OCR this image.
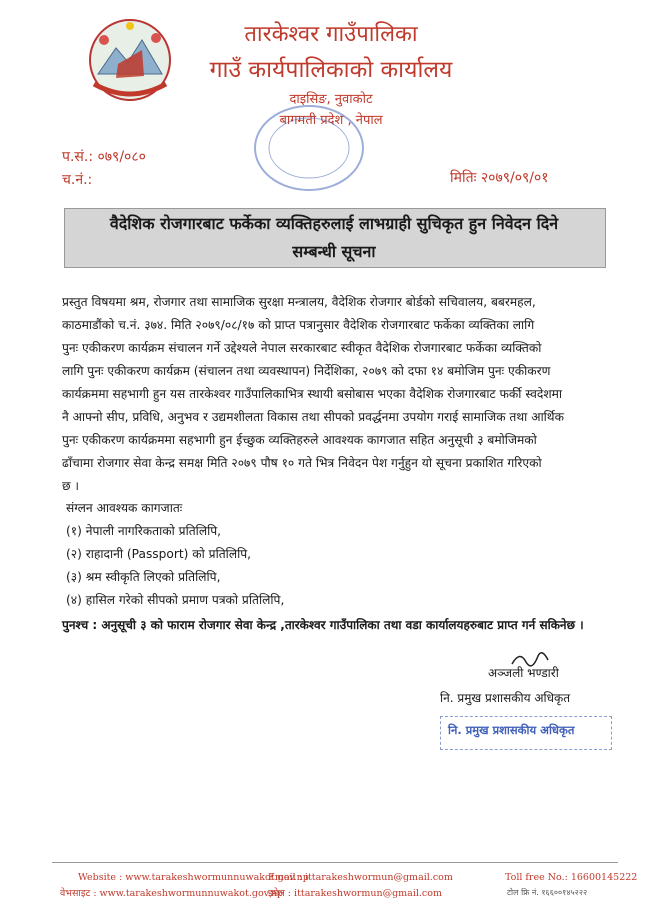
तारकेश्वर गाउँपालिका
गाउँ कार्यपालिकाको कार्यालय
दाइसिङ, नुवाकोट
बागमती प्रदेश , नेपाल
प.सं.: ०७९/०८०
च.नं.:	मितिः २०७९/०९/०१
वैदेशिक रोजगारबाट फर्केका व्यक्तिहरुलाई लाभग्राही सुचिकृत हुन निवेदन दिने
सम्बन्धी सूचना
प्रस्तुत विषयमा श्रम, रोजगार तथा सामाजिक सुरक्षा मन्त्रालय, वैदेशिक रोजगार बोर्डको सचिवालय, बबरमहल,
काठमाडौंको च.नं. ३७४. मिति २०७९/०८/१७ को प्राप्त पत्रानुसार वैदेशिक रोजगारबाट फर्केका व्यक्तिका लागि
पुनः एकीकरण कार्यक्रम संचालन गर्ने उद्देश्यले नेपाल सरकारबाट स्वीकृत वैदेशिक रोजगारबाट फर्केका व्यक्तिको
लागि पुनः एकीकरण कार्यक्रम (संचालन तथा व्यवस्थापन) निर्देशिका, २०७९ को दफा १४ बमोजिम पुनः एकीकरण
कार्यक्रममा सहभागी हुन यस तारकेश्वर गाउँपालिकाभित्र स्थायी बसोबास भएका वैदेशिक रोजगारबाट फर्की स्वदेशमा
नै आफ्नो सीप, प्रविधि, अनुभव र उद्यमशीलता विकास तथा सीपको प्रवर्द्धनमा उपयोग गराई सामाजिक तथा आर्थिक
पुनः एकीकरण कार्यक्रममा सहभागी हुन ईच्छुक व्यक्तिहरुले आवश्यक कागजात सहित अनुसूची ३ बमोजिमको
ढाँचामा रोजगार सेवा केन्द्र समक्ष मिति २०७९ पौष १० गते भित्र निवेदन पेश गर्नुहुन यो सूचना प्रकाशित गरिएको
छ ।
संग्लन आवश्यक कागजातः
(१) नेपाली नागरिकताको प्रतिलिपि,
(२) राहादानी (Passport) को प्रतिलिपि,
(३) श्रम स्वीकृति लिएको प्रतिलिपि,
(४) हासिल गरेको सीपको प्रमाण पत्रको प्रतिलिपि,
पुनश्च : अनुसूची ३ को फाराम रोजगार सेवा केन्द्र ,तारकेश्वर गाउँपालिका तथा वडा कार्यालयहरुबाट प्राप्त गर्न सकिनेछ ।
अञ्जली भण्डारी
नि. प्रमुख प्रशासकीय अधिकृत
नि. प्रमुख प्रशासकीय अधिकृत
Website : www.tarakeshwormunnuwakot.gov.np
वेभसाइट : www.tarakeshwormunnuwakot.gov.np
Email : ittarakeshwormun@gmail.com
इमेल : ittarakeshwormun@gmail.com
Toll free No.: 16600145222
टोल फ्रि नं. १६६००१४५२२२
